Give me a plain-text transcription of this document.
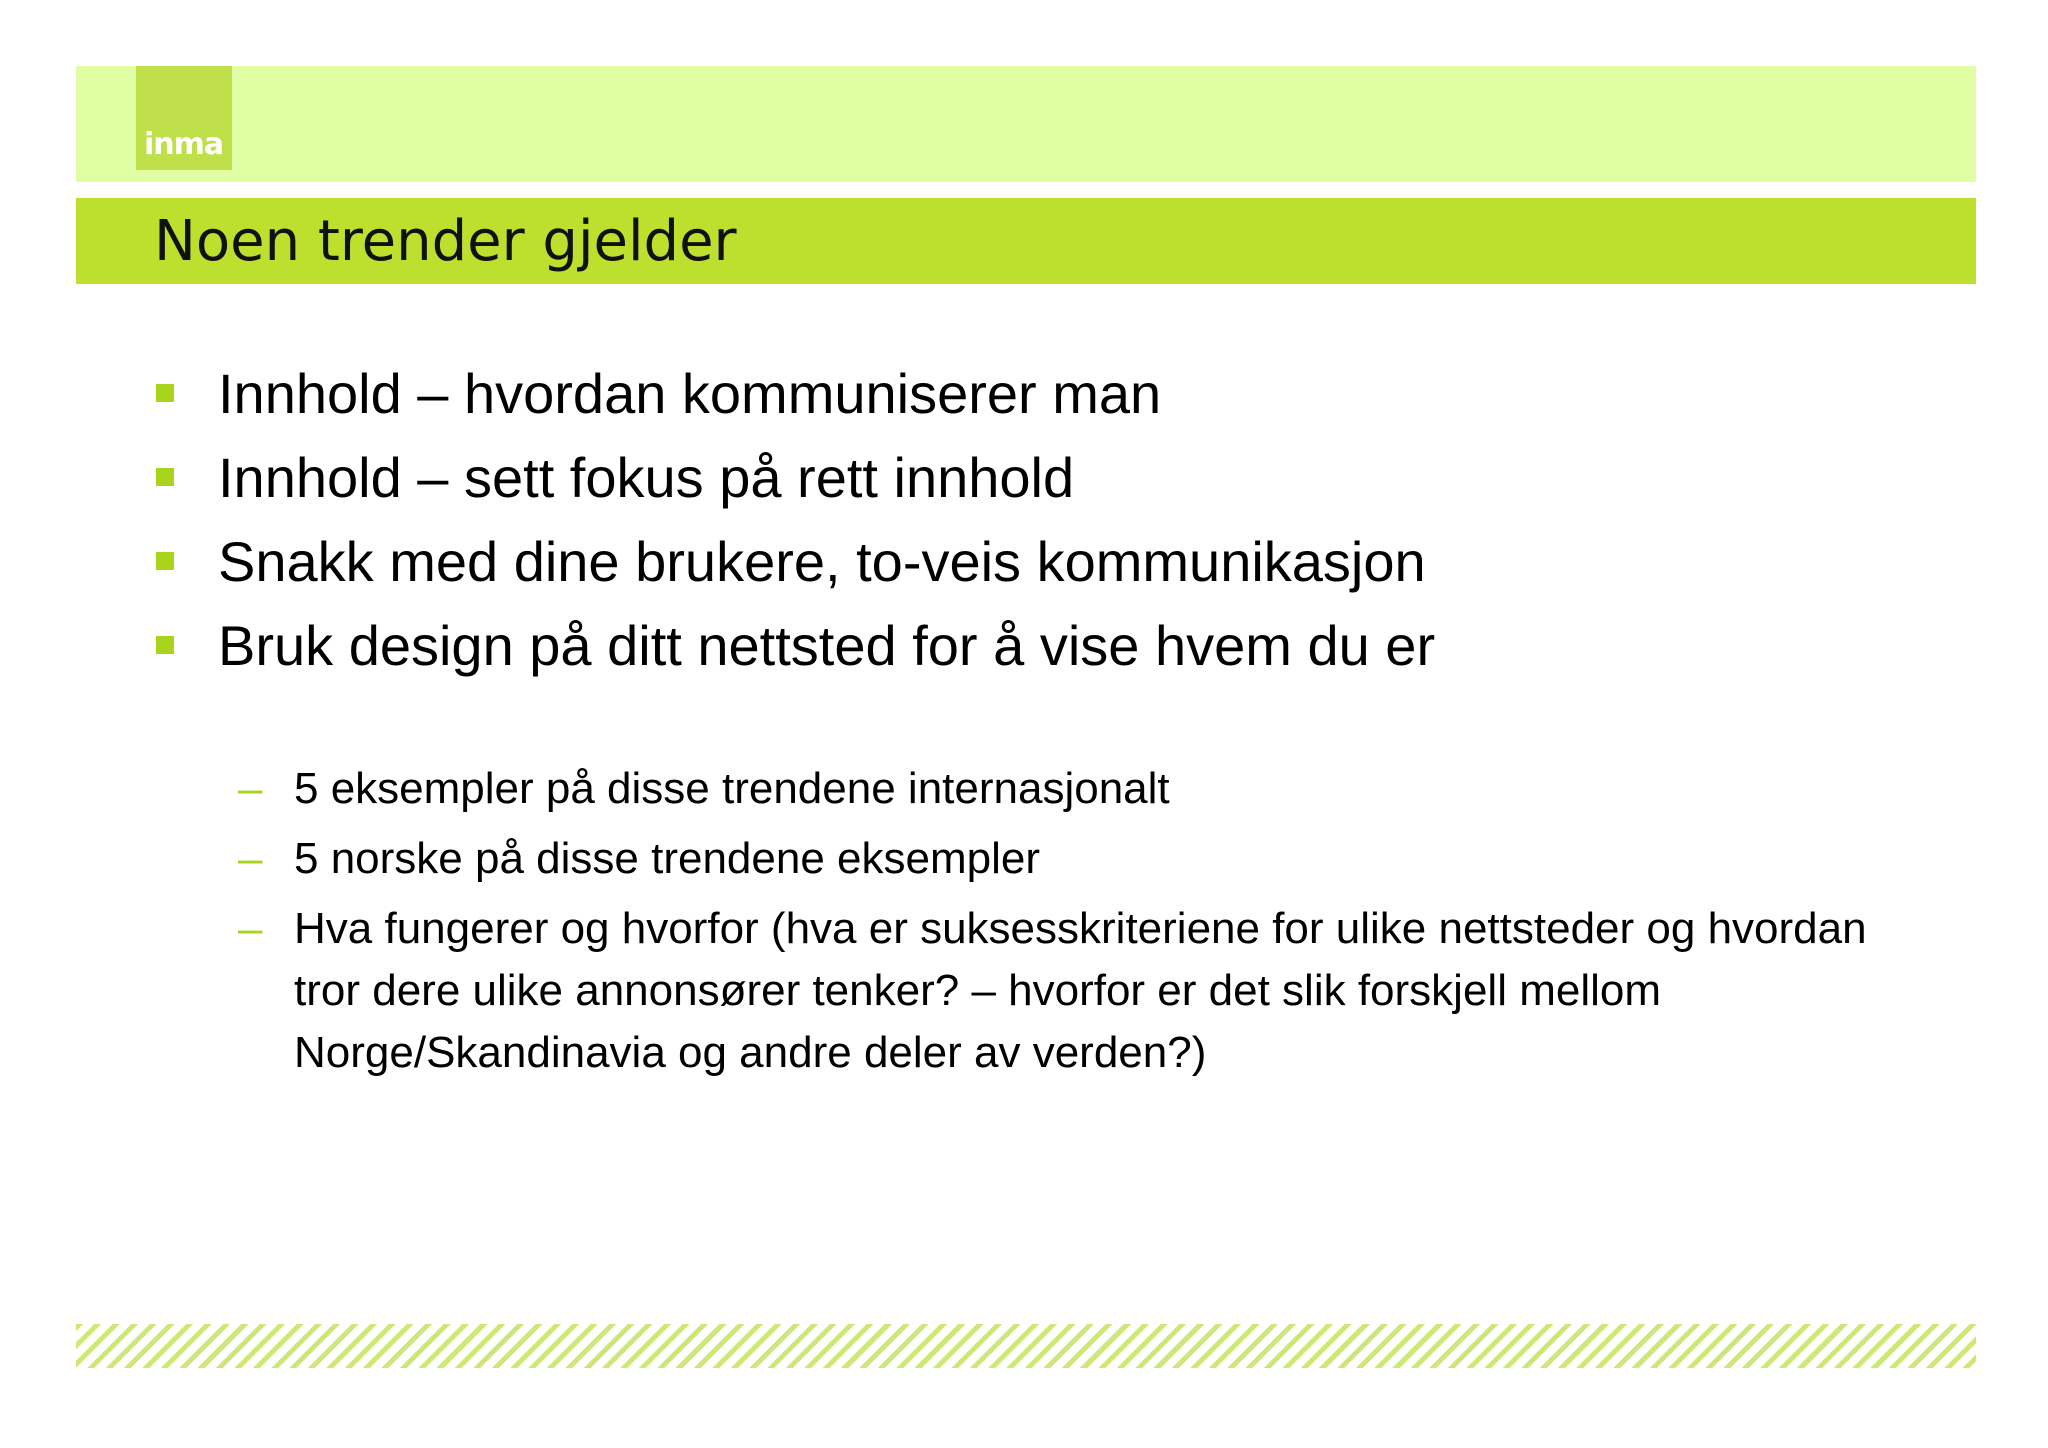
inma
Noen trender gjelder
Innhold – hvordan kommuniserer man
Innhold – sett fokus på rett innhold
Snakk med dine brukere, to-veis kommunikasjon
Bruk design på ditt nettsted for å vise hvem du er
– 5 eksempler på disse trendene internasjonalt
– 5 norske på disse trendene eksempler
– Hva fungerer og hvorfor (hva er suksesskriteriene for ulike nettsteder og hvordan tror dere ulike annonsører tenker? – hvorfor er det slik forskjell mellom Norge/Skandinavia og andre deler av verden?)
